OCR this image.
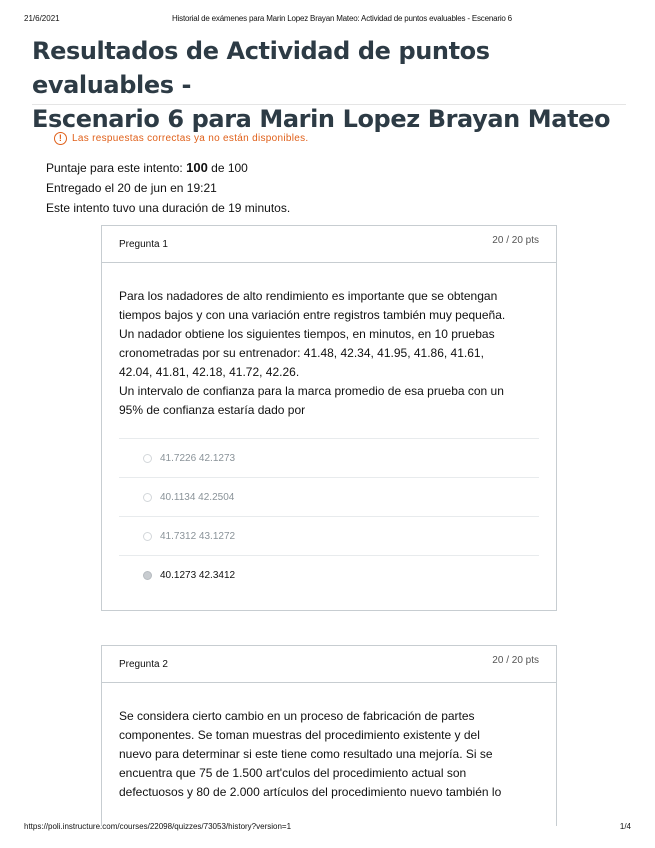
21/6/2021	Historial de exámenes para Marin Lopez Brayan Mateo: Actividad de puntos evaluables - Escenario 6
Resultados de Actividad de puntos evaluables -
Escenario 6 para Marin Lopez Brayan Mateo
! Las respuestas correctas ya no están disponibles.
Puntaje para este intento: 100 de 100
Entregado el 20 de jun en 19:21
Este intento tuvo una duración de 19 minutos.
Pregunta 1	20 / 20 pts

Para los nadadores de alto rendimiento es importante que se obtengan

tiempos bajos y con una variación entre registros también muy pequeña.

Un nadador obtiene los siguientes tiempos, en minutos, en 10 pruebas

cronometradas por su entrenador: 41.48, 42.34, 41.95, 41.86, 41.61,

42.04, 41.81, 42.18, 41.72, 42.26.

Un intervalo de confianza para la marca promedio de esa prueba con un

95% de confianza estaría dado por

41.7226 42.1273
40.1134 42.2504
41.7312 43.1272
40.1273 42.3412
Pregunta 2	20 / 20 pts

Se considera cierto cambio en un proceso de fabricación de partes

componentes. Se toman muestras del procedimiento existente y del

nuevo para determinar si este tiene como resultado una mejoría. Si se

encuentra que 75 de 1.500 art'culos del procedimiento actual son

defectuosos y 80 de 2.000 artículos del procedimiento nuevo también lo

https://poli.instructure.com/courses/22098/quizzes/73053/history?version=1	1/4
